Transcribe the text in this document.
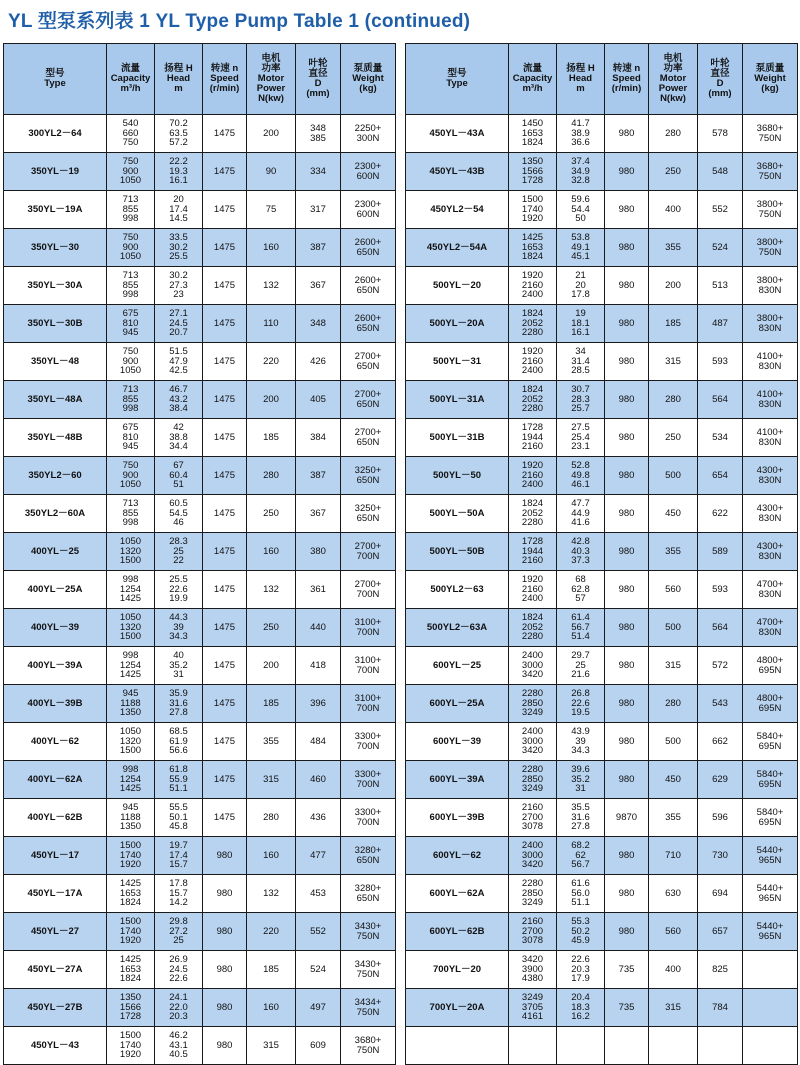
YL 型泵系列表 1 YL Type Pump Table 1 (continued)
型号
Type	流量
Capacity
m³/h	扬程 H
Head
m	转速 n
Speed
(r/min)	电机
功率
Motor
Power
N(kw)	叶轮
直径
D
(mm)	泵质量
Weight
(kg)

300YL2－64	540
660
750	70.2
63.5
57.2	1475	200	348
385	2250+
300N

350YL－19	750
900
1050	22.2
19.3
16.1	1475	90	334	2300+
600N

350YL－19A	713
855
998	20
17.4
14.5	1475	75	317	2300+
600N

350YL－30	750
900
1050	33.5
30.2
25.5	1475	160	387	2600+
650N

350YL－30A	713
855
998	30.2
27.3
23	1475	132	367	2600+
650N

350YL－30B	675
810
945	27.1
24.5
20.7	1475	110	348	2600+
650N

350YL－48	750
900
1050	51.5
47.9
42.5	1475	220	426	2700+
650N

350YL－48A	713
855
998	46.7
43.2
38.4	1475	200	405	2700+
650N

350YL－48B	675
810
945	42
38.8
34.4	1475	185	384	2700+
650N

350YL2－60	750
900
1050	67
60.4
51	1475	280	387	3250+
650N

350YL2－60A	713
855
998	60.5
54.5
46	1475	250	367	3250+
650N

400YL－25	1050
1320
1500	28.3
25
22	1475	160	380	2700+
700N

400YL－25A	998
1254
1425	25.5
22.6
19.9	1475	132	361	2700+
700N

400YL－39	1050
1320
1500	44.3
39
34.3	1475	250	440	3100+
700N

400YL－39A	998
1254
1425	40
35.2
31	1475	200	418	3100+
700N

400YL－39B	945
1188
1350	35.9
31.6
27.8	1475	185	396	3100+
700N

400YL－62	1050
1320
1500	68.5
61.9
56.6	1475	355	484	3300+
700N

400YL－62A	998
1254
1425	61.8
55.9
51.1	1475	315	460	3300+
700N

400YL－62B	945
1188
1350	55.5
50.1
45.8	1475	280	436	3300+
700N

450YL－17	1500
1740
1920	19.7
17.4
15.7	980	160	477	3280+
650N

450YL－17A	1425
1653
1824	17.8
15.7
14.2	980	132	453	3280+
650N

450YL－27	1500
1740
1920	29.8
27.2
25	980	220	552	3430+
750N

450YL－27A	1425
1653
1824	26.9
24.5
22.6	980	185	524	3430+
750N

450YL－27B	1350
1566
1728	24.1
22.0
20.3	980	160	497	3434+
750N

450YL－43	1500
1740
1920	46.2
43.1
40.5	980	315	609	3680+
750N
型号
Type	流量
Capacity
m³/h	扬程 H
Head
m	转速 n
Speed
(r/min)	电机
功率
Motor
Power
N(kw)	叶轮
直径
D
(mm)	泵质量
Weight
(kg)

450YL－43A	1450
1653
1824	41.7
38.9
36.6	980	280	578	3680+
750N

450YL－43B	1350
1566
1728	37.4
34.9
32.8	980	250	548	3680+
750N

450YL2－54	1500
1740
1920	59.6
54.4
50	980	400	552	3800+
750N

450YL2－54A	1425
1653
1824	53.8
49.1
45.1	980	355	524	3800+
750N

500YL－20	1920
2160
2400	21
20
17.8	980	200	513	3800+
830N

500YL－20A	1824
2052
2280	19
18.1
16.1	980	185	487	3800+
830N

500YL－31	1920
2160
2400	34
31.4
28.5	980	315	593	4100+
830N

500YL－31A	1824
2052
2280	30.7
28.3
25.7	980	280	564	4100+
830N

500YL－31B	1728
1944
2160	27.5
25.4
23.1	980	250	534	4100+
830N

500YL－50	1920
2160
2400	52.8
49.8
46.1	980	500	654	4300+
830N

500YL－50A	1824
2052
2280	47.7
44.9
41.6	980	450	622	4300+
830N

500YL－50B	1728
1944
2160	42.8
40.3
37.3	980	355	589	4300+
830N

500YL2－63	1920
2160
2400	68
62.8
57	980	560	593	4700+
830N

500YL2－63A	1824
2052
2280	61.4
56.7
51.4	980	500	564	4700+
830N

600YL－25	2400
3000
3420	29.7
25
21.6	980	315	572	4800+
695N

600YL－25A	2280
2850
3249	26.8
22.6
19.5	980	280	543	4800+
695N

600YL－39	2400
3000
3420	43.9
39
34.3	980	500	662	5840+
695N

600YL－39A	2280
2850
3249	39.6
35.2
31	980	450	629	5840+
695N

600YL－39B	2160
2700
3078	35.5
31.6
27.8	9870	355	596	5840+
695N

600YL－62	2400
3000
3420	68.2
62
56.7	980	710	730	5440+
965N

600YL－62A	2280
2850
3249	61.6
56.0
51.1	980	630	694	5440+
965N

600YL－62B	2160
2700
3078	55.3
50.2
45.9	980	560	657	5440+
965N

700YL－20	3420
3900
4380	22.6
20.3
17.9	735	400	825	

700YL－20A	3249
3705
4161	20.4
18.3
16.2	735	315	784	
